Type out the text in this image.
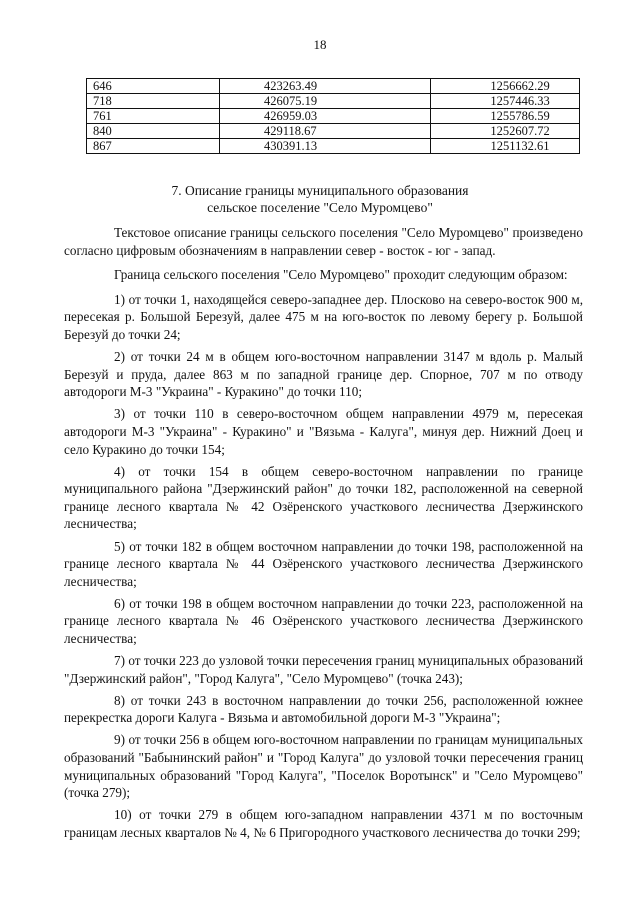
18
646	423263.49	1256662.29
718	426075.19	1257446.33
761	426959.03	1255786.59
840	429118.67	1252607.72
867	430391.13	1251132.61
7. Описание границы муниципального образования
сельское поселение "Село Муромцево"

Текстовое описание границы сельского поселения "Село Муромцево" произведено согласно цифровым обозначениям в направлении север - восток - юг - запад.

Граница сельского поселения "Село Муромцево" проходит следующим образом:

1) от точки 1, находящейся северо-западнее дер. Плосково на северо-восток 900 м, пересекая р. Большой Березуй, далее 475 м на юго-восток по левому берегу р. Большой Березуй до точки 24;

2) от точки 24 м в общем юго-восточном направлении 3147 м вдоль р. Малый Березуй и пруда, далее 863 м по западной границе дер. Спорное, 707 м по отводу автодороги М-3 "Украина" - Куракино" до точки 110;

3) от точки 110 в северо-восточном общем направлении 4979 м, пересекая автодороги М-3 "Украина" - Куракино" и "Вязьма - Калуга", минуя дер. Нижний Доец и село Куракино до точки 154;

4) от точки 154 в общем северо-восточном направлении по границе муниципального района "Дзержинский район" до точки 182, расположенной на северной границе лесного квартала № 42 Озёренского участкового лесничества Дзержинского лесничества;

5) от точки 182 в общем восточном направлении до точки 198, расположенной на границе лесного квартала № 44 Озёренского участкового лесничества Дзержинского лесничества;

6) от точки 198 в общем восточном направлении до точки 223, расположенной на границе лесного квартала № 46 Озёренского участкового лесничества Дзержинского лесничества;

7) от точки 223 до узловой точки пересечения границ муниципальных образований "Дзержинский район", "Город Калуга", "Село Муромцево" (точка 243);

8) от точки 243 в восточном направлении до точки 256, расположенной южнее перекрестка дороги Калуга - Вязьма и автомобильной дороги М-3 "Украина";

9) от точки 256 в общем юго-восточном направлении по границам муниципальных образований "Бабынинский район" и "Город Калуга" до узловой точки пересечения границ муниципальных образований "Город Калуга", "Поселок Воротынск" и "Село Муромцево" (точка 279);

10) от точки 279 в общем юго-западном направлении 4371 м по восточным границам лесных кварталов № 4, № 6 Пригородного участкового лесничества до точки 299;
